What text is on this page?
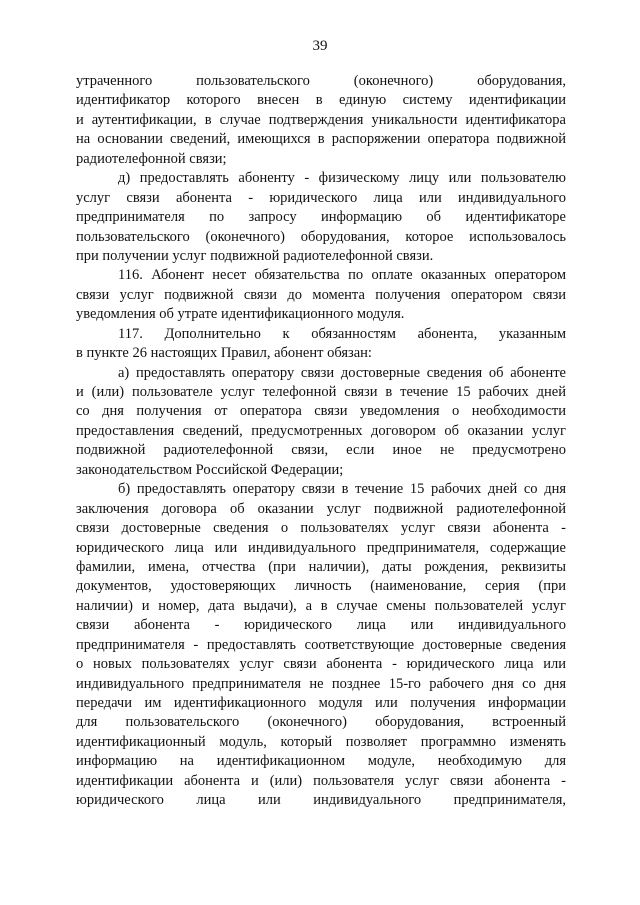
39
утраченного пользовательского (оконечного) оборудования,
идентификатор которого внесен в единую систему идентификации
и аутентификации, в случае подтверждения уникальности идентификатора
на основании сведений, имеющихся в распоряжении оператора подвижной
радиотелефонной связи;
д) предоставлять абоненту - физическому лицу или пользователю
услуг связи абонента - юридического лица или индивидуального
предпринимателя по запросу информацию об идентификаторе
пользовательского (оконечного) оборудования, которое использовалось
при получении услуг подвижной радиотелефонной связи.
116. Абонент несет обязательства по оплате оказанных оператором
связи услуг подвижной связи до момента получения оператором связи
уведомления об утрате идентификационного модуля.
117. Дополнительно к обязанностям абонента, указанным
в пункте 26 настоящих Правил, абонент обязан:
а) предоставлять оператору связи достоверные сведения об абоненте
и (или) пользователе услуг телефонной связи в течение 15 рабочих дней
со дня получения от оператора связи уведомления о необходимости
предоставления сведений, предусмотренных договором об оказании услуг
подвижной радиотелефонной связи, если иное не предусмотрено
законодательством Российской Федерации;
б) предоставлять оператору связи в течение 15 рабочих дней со дня
заключения договора об оказании услуг подвижной радиотелефонной
связи достоверные сведения о пользователях услуг связи абонента -
юридического лица или индивидуального предпринимателя, содержащие
фамилии, имена, отчества (при наличии), даты рождения, реквизиты
документов, удостоверяющих личность (наименование, серия (при
наличии) и номер, дата выдачи), а в случае смены пользователей услуг
связи абонента - юридического лица или индивидуального
предпринимателя - предоставлять соответствующие достоверные сведения
о новых пользователях услуг связи абонента - юридического лица или
индивидуального предпринимателя не позднее 15-го рабочего дня со дня
передачи им идентификационного модуля или получения информации
для пользовательского (оконечного) оборудования, встроенный
идентификационный модуль, который позволяет программно изменять
информацию на идентификационном модуле, необходимую для
идентификации абонента и (или) пользователя услуг связи абонента -
юридического лица или индивидуального предпринимателя,
